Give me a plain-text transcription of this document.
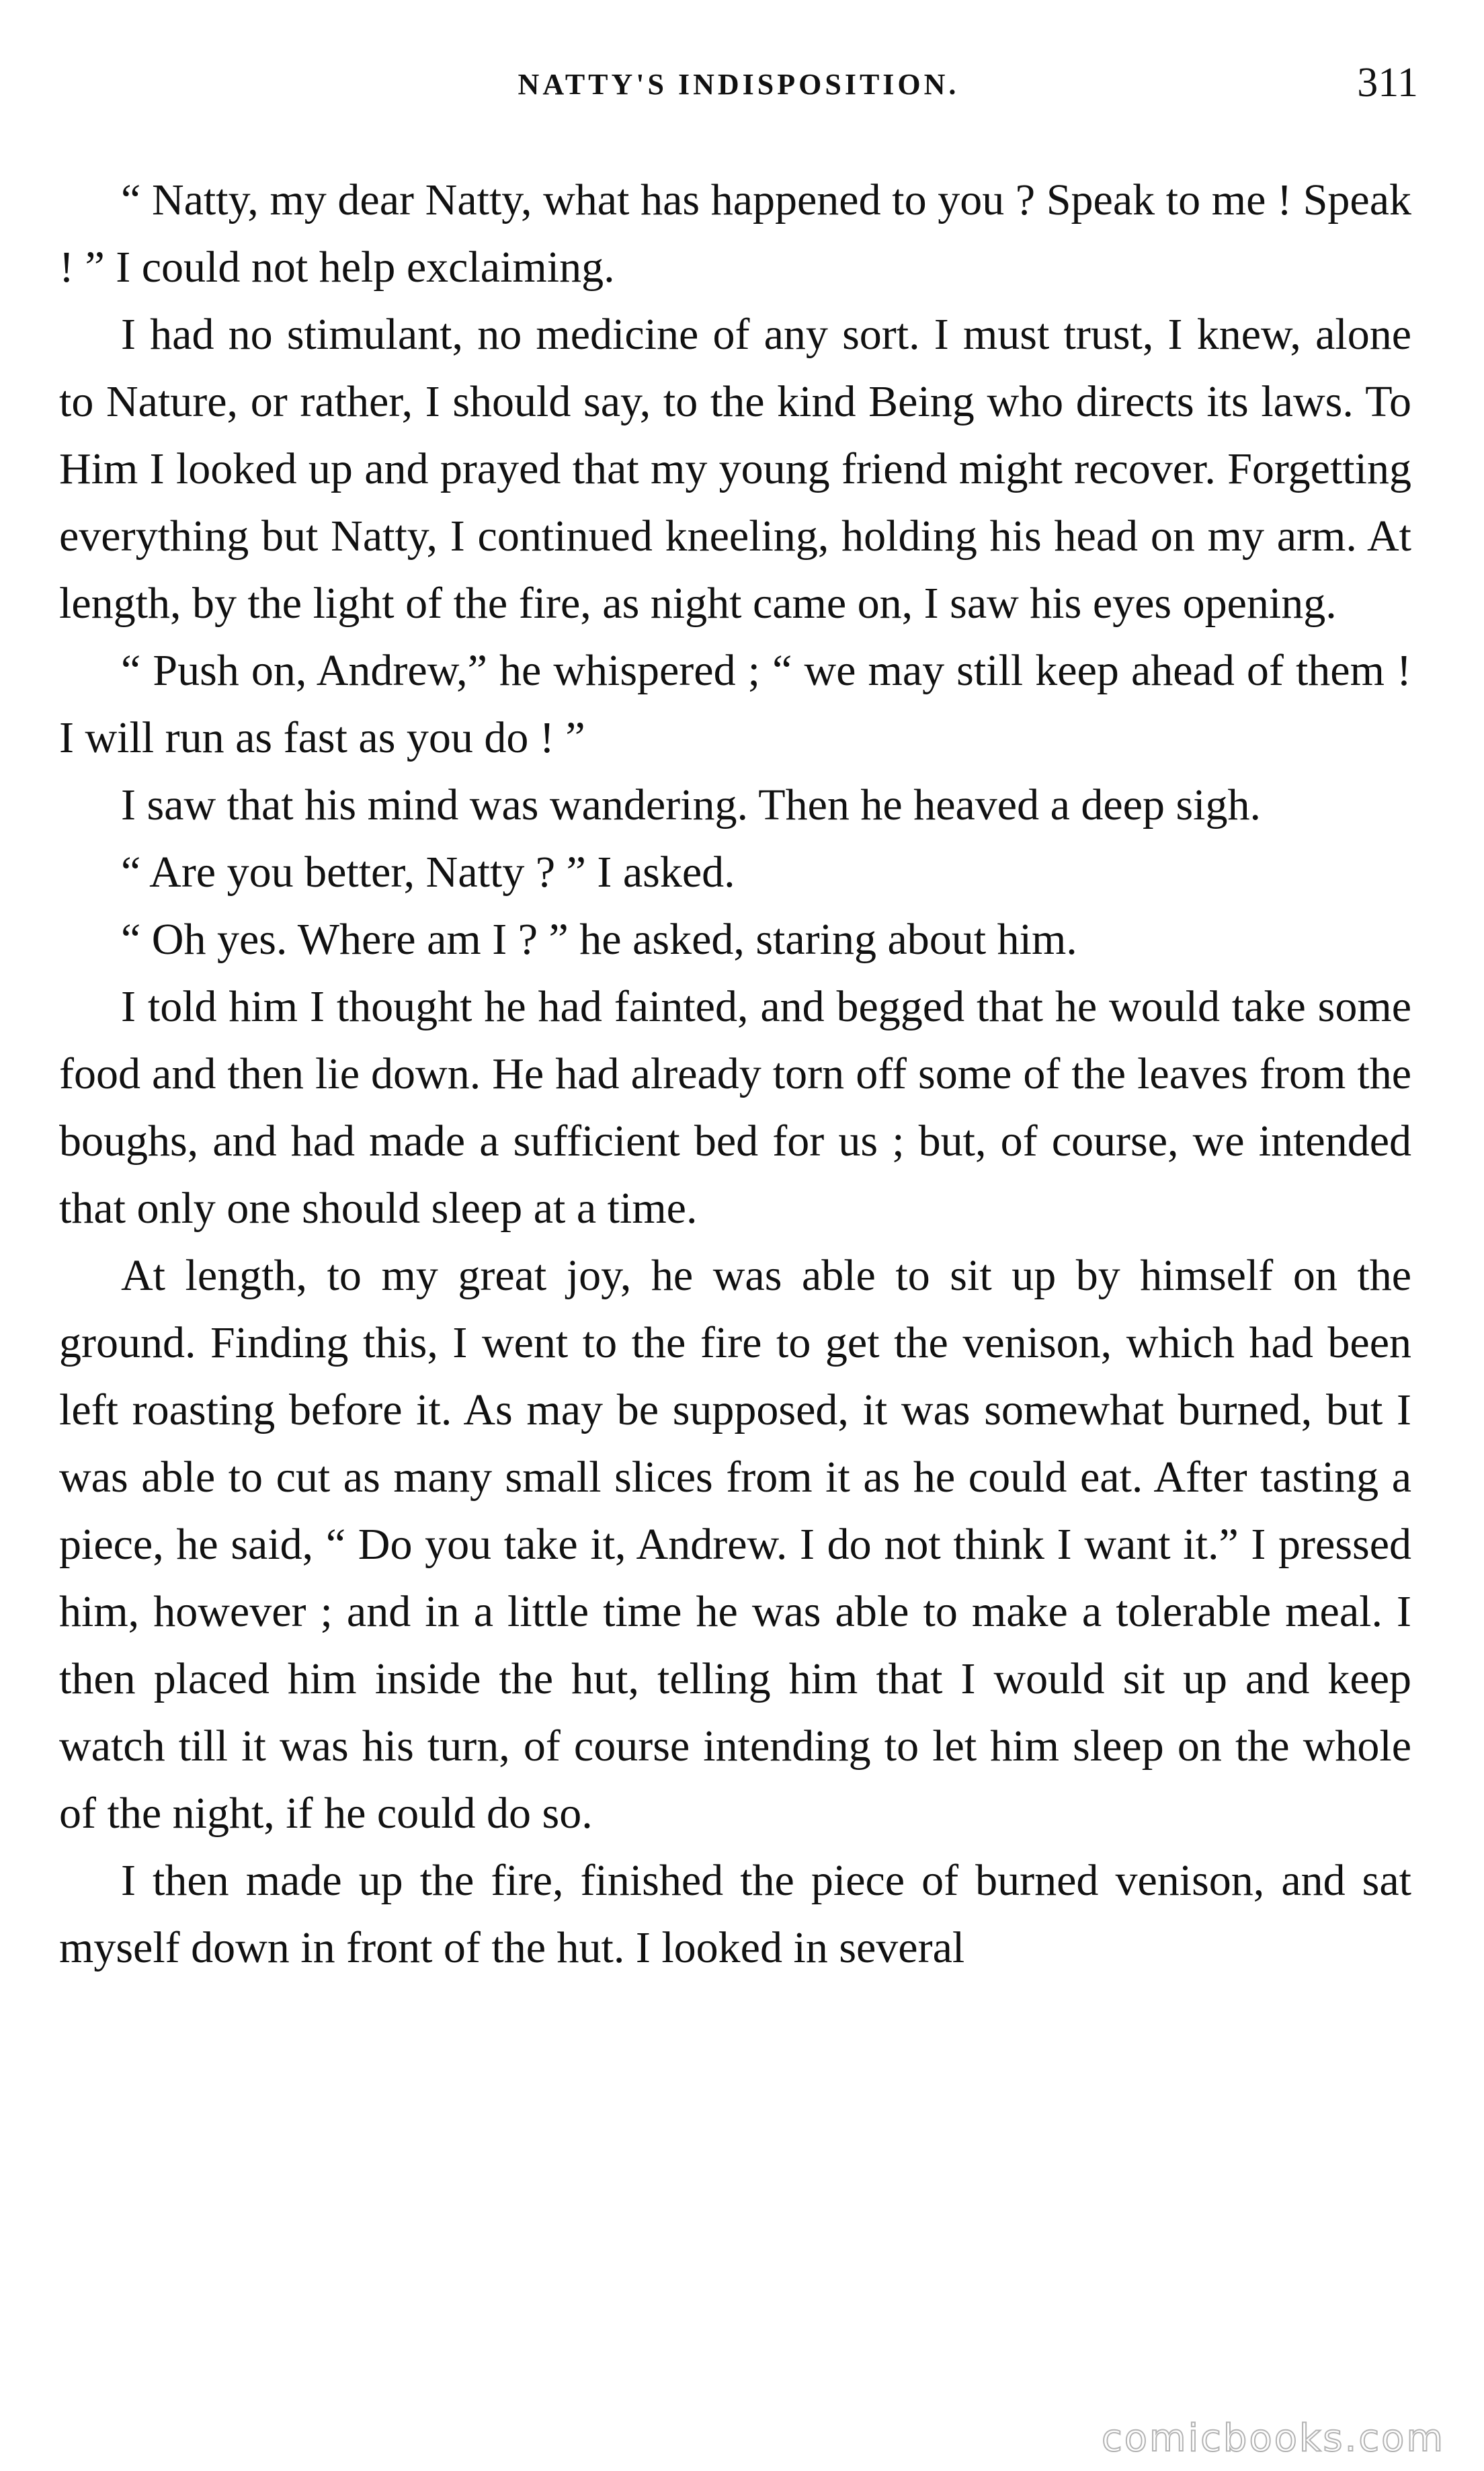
NATTY'S INDISPOSITION.	311

“ Natty, my dear Natty, what has happened to you ? Speak to me ! Speak ! ” I could not help exclaiming.

I had no stimulant, no medicine of any sort. I must trust, I knew, alone to Nature, or rather, I should say, to the kind Being who directs its laws. To Him I looked up and prayed that my young friend might recover. Forgetting everything but Natty, I continued kneeling, holding his head on my arm. At length, by the light of the fire, as night came on, I saw his eyes opening.

“ Push on, Andrew,” he whispered ; “ we may still keep ahead of them ! I will run as fast as you do ! ”

I saw that his mind was wandering. Then he heaved a deep sigh.

“ Are you better, Natty ? ” I asked.

“ Oh yes. Where am I ? ” he asked, staring about him.

I told him I thought he had fainted, and begged that he would take some food and then lie down. He had already torn off some of the leaves from the boughs, and had made a sufficient bed for us ; but, of course, we intended that only one should sleep at a time.

At length, to my great joy, he was able to sit up by himself on the ground. Finding this, I went to the fire to get the venison, which had been left roasting before it. As may be supposed, it was somewhat burned, but I was able to cut as many small slices from it as he could eat. After tasting a piece, he said, “ Do you take it, Andrew. I do not think I want it.” I pressed him, however ; and in a little time he was able to make a tolerable meal. I then placed him inside the hut, telling him that I would sit up and keep watch till it was his turn, of course intending to let him sleep on the whole of the night, if he could do so.

I then made up the fire, finished the piece of burned venison, and sat myself down in front of the hut. I looked in several

comicbooks.com
